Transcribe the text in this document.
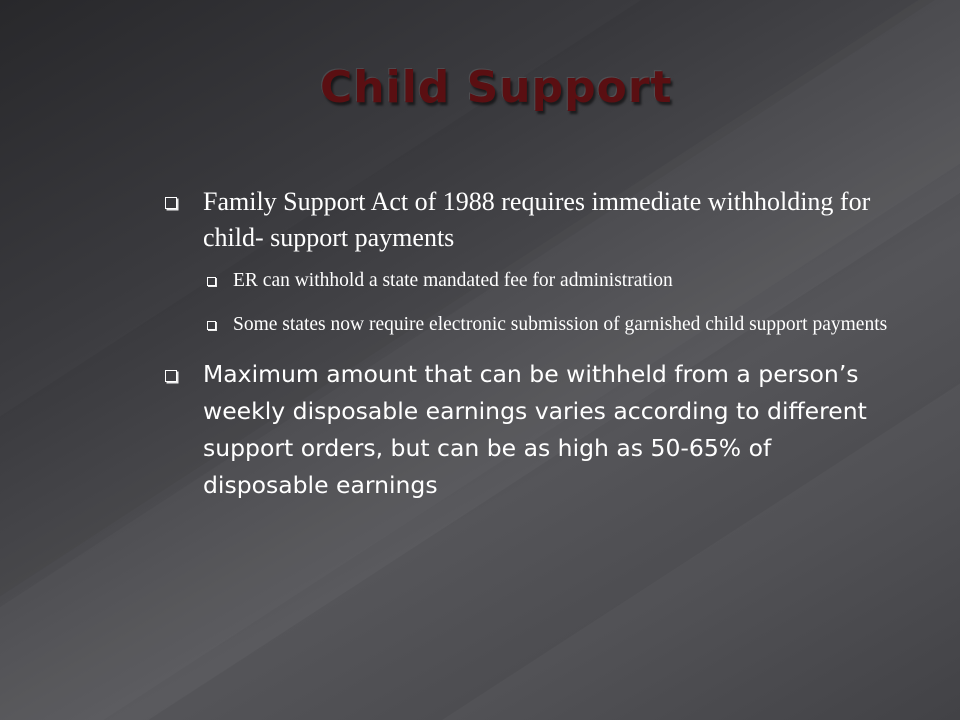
Child Support
Family Support Act of 1988 requires immediate withholding for child- support payments
ER can withhold a state mandated fee for administration
Some states now require electronic submission of garnished child support payments
Maximum amount that can be withheld from a person’s weekly disposable earnings varies according to different support orders, but can be as high as 50-65% of disposable earnings
